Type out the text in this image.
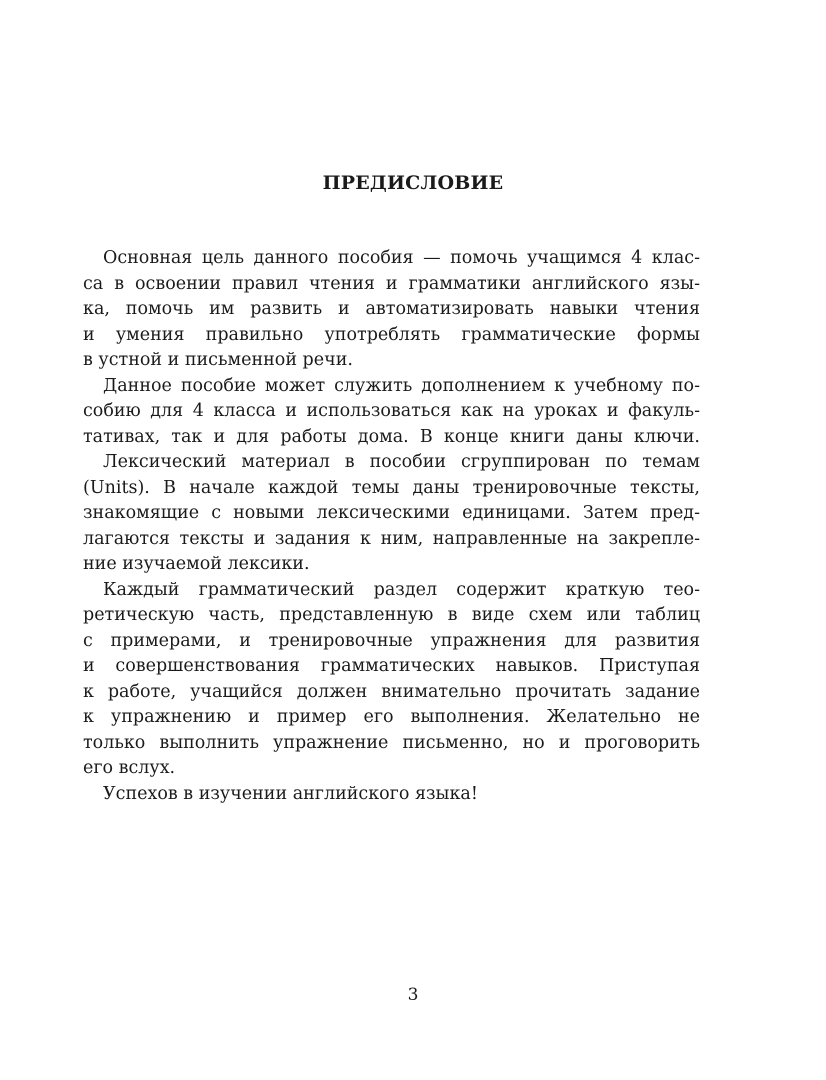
ПРЕДИСЛОВИЕ

Основная цель данного пособия — помочь учащимся 4 клас-
са в освоении правил чтения и грамматики английского язы-
ка, помочь им развить и автоматизировать навыки чтения
и умения правильно употреблять грамматические формы
в устной и письменной речи.

Данное пособие может служить дополнением к учебному по-
собию для 4 класса и использоваться как на уроках и факуль-
тативах, так и для работы дома. В конце книги даны ключи.

Лексический материал в пособии сгруппирован по темам
(Units). В начале каждой темы даны тренировочные тексты,
знакомящие с новыми лексическими единицами. Затем пред-
лагаются тексты и задания к ним, направленные на закрепле-
ние изучаемой лексики.

Каждый грамматический раздел содержит краткую тео-
ретическую часть, представленную в виде схем или таблиц
с примерами, и тренировочные упражнения для развития
и совершенствования грамматических навыков. Приступая
к работе, учащийся должен внимательно прочитать задание
к упражнению и пример его выполнения. Желательно не
только выполнить упражнение письменно, но и проговорить
его вслух.

Успехов в изучении английского языка!

3
